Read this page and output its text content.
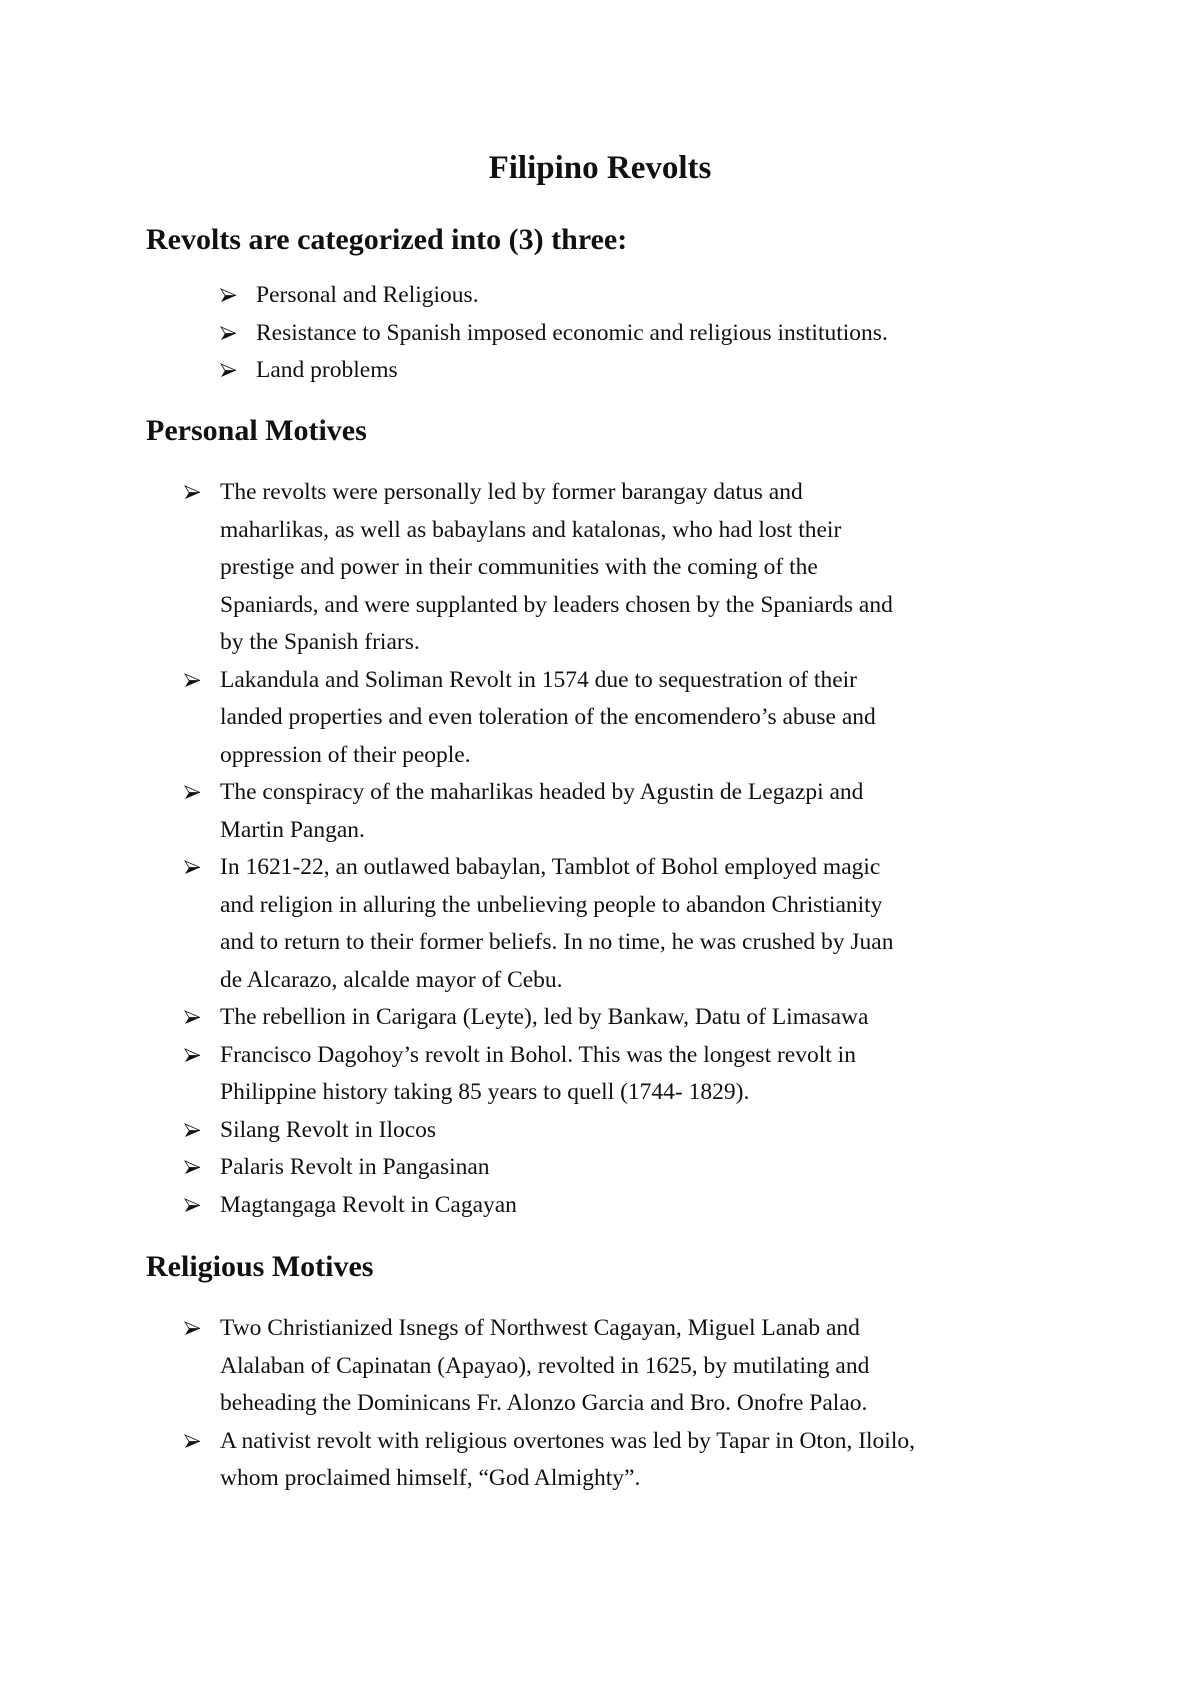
Filipino Revolts
Revolts are categorized into (3) three:
Personal and Religious.
Resistance to Spanish imposed economic and religious institutions.
Land problems
Personal Motives
The revolts were personally led by former barangay datus and
maharlikas, as well as babaylans and katalonas, who had lost their
prestige and power in their communities with the coming of the
Spaniards, and were supplanted by leaders chosen by the Spaniards and
by the Spanish friars.
Lakandula and Soliman Revolt in 1574 due to sequestration of their
landed properties and even toleration of the encomendero’s abuse and
oppression of their people.
The conspiracy of the maharlikas headed by Agustin de Legazpi and
Martin Pangan.
In 1621-22, an outlawed babaylan, Tamblot of Bohol employed magic
and religion in alluring the unbelieving people to abandon Christianity
and to return to their former beliefs. In no time, he was crushed by Juan
de Alcarazo, alcalde mayor of Cebu.
The rebellion in Carigara (Leyte), led by Bankaw, Datu of Limasawa
Francisco Dagohoy’s revolt in Bohol. This was the longest revolt in
Philippine history taking 85 years to quell (1744- 1829).
Silang Revolt in Ilocos
Palaris Revolt in Pangasinan
Magtangaga Revolt in Cagayan
Religious Motives
Two Christianized Isnegs of Northwest Cagayan, Miguel Lanab and
Alalaban of Capinatan (Apayao), revolted in 1625, by mutilating and
beheading the Dominicans Fr. Alonzo Garcia and Bro. Onofre Palao.
A nativist revolt with religious overtones was led by Tapar in Oton, Iloilo,
whom proclaimed himself, “God Almighty”.
